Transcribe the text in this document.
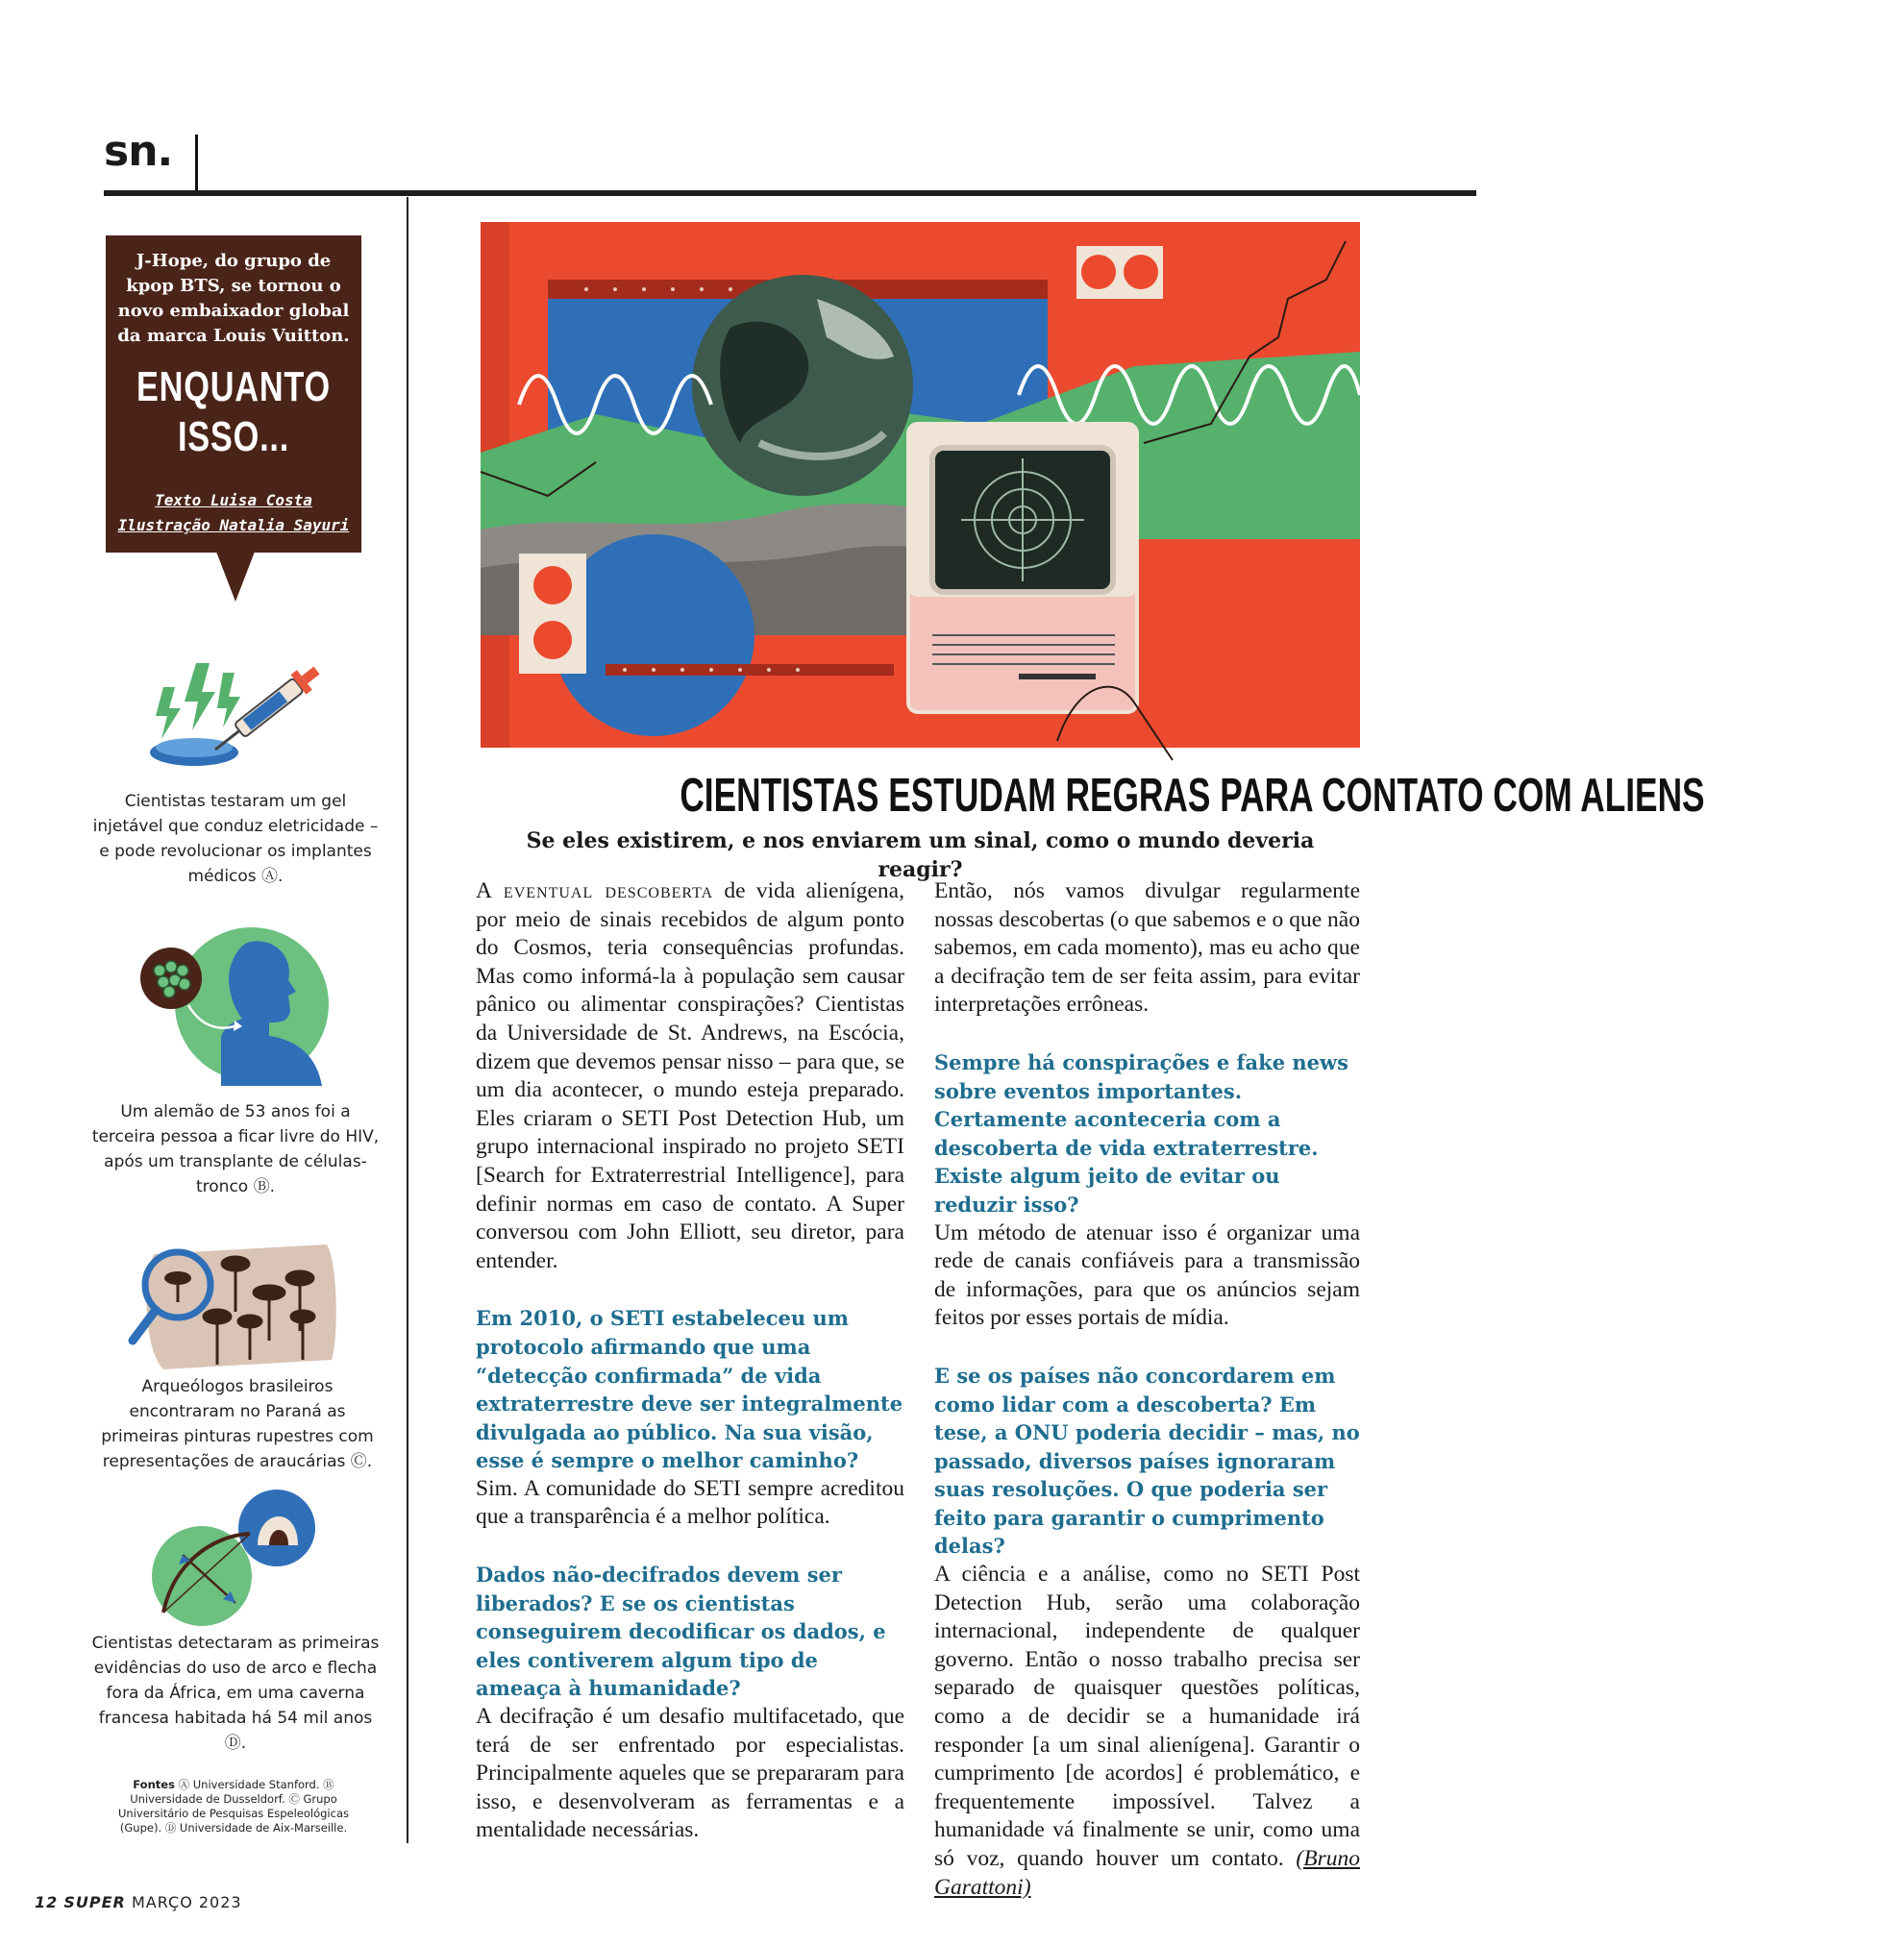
sn.
J-Hope, do grupo de kpop BTS, se tornou o novo embaixador global da marca Louis Vuitton.
ENQUANTO
ISSO...
Texto Luisa Costa
Ilustração Natalia Sayuri
Cientistas testaram um gel injetável que conduz eletricidade – e pode revolucionar os implantes médicos Ⓐ.
Um alemão de 53 anos foi a terceira pessoa a ficar livre do HIV, após um transplante de células-tronco Ⓑ.
Arqueólogos brasileiros encontraram no Paraná as primeiras pinturas rupestres com representações de araucárias Ⓒ.
Cientistas detectaram as primeiras evidências do uso de arco e flecha fora da África, em uma caverna francesa habitada há 54 mil anos Ⓓ.
Fontes Ⓐ Universidade Stanford. Ⓑ Universidade de Dusseldorf. Ⓒ Grupo Universitário de Pesquisas Espeleológicas (Gupe). Ⓓ Universidade de Aix-Marseille.
CIENTISTAS ESTUDAM REGRAS PARA CONTATO COM ALIENS
Se eles existirem, e nos enviarem um sinal, como o mundo deveria reagir?

A eventual descoberta de vida alienígena, por meio de sinais recebidos de algum ponto do Cosmos, teria consequências profundas. Mas como informá-la à população sem causar pânico ou alimentar conspirações? Cientistas da Universidade de St. Andrews, na Escócia, dizem que devemos pensar nisso – para que, se um dia acontecer, o mundo esteja preparado. Eles criaram o SETI Post Detection Hub, um grupo internacional inspirado no projeto SETI [Search for Extraterrestrial Intelligence], para definir normas em caso de contato. A Super conversou com John Elliott, seu diretor, para entender.

Em 2010, o SETI estabeleceu um protocolo afirmando que uma “detecção confirmada” de vida extraterrestre deve ser integralmente divulgada ao público. Na sua visão, esse é sempre o melhor caminho?

Sim. A comunidade do SETI sempre acreditou que a transparência é a melhor política.

Dados não-decifrados devem ser liberados? E se os cientistas conseguirem decodificar os dados, e eles contiverem algum tipo de ameaça à humanidade?

A decifração é um desafio multifacetado, que terá de ser enfrentado por especialistas. Principalmente aqueles que se prepararam para isso, e desenvolveram as ferramentas e a mentalidade necessárias.

Então, nós vamos divulgar regularmente nossas descobertas (o que sabemos e o que não sabemos, em cada momento), mas eu acho que a decifração tem de ser feita assim, para evitar interpretações errôneas.

Sempre há conspirações e fake news sobre eventos importantes. Certamente aconteceria com a descoberta de vida extraterrestre. Existe algum jeito de evitar ou reduzir isso?

Um método de atenuar isso é organizar uma rede de canais confiáveis para a transmissão de informações, para que os anúncios sejam feitos por esses portais de mídia.

E se os países não concordarem em como lidar com a descoberta? Em tese, a ONU poderia decidir – mas, no passado, diversos países ignoraram suas resoluções. O que poderia ser feito para garantir o cumprimento delas?

A ciência e a análise, como no SETI Post Detection Hub, serão uma colaboração internacional, independente de qualquer governo. Então o nosso trabalho precisa ser separado de quaisquer questões políticas, como a de decidir se a humanidade irá responder [a um sinal alienígena]. Garantir o cumprimento [de acordos] é problemático, e frequentemente impossível. Talvez a humanidade vá finalmente se unir, como uma só voz, quando houver um contato. (Bruno Garattoni)

12 SUPER MARÇO 2023
